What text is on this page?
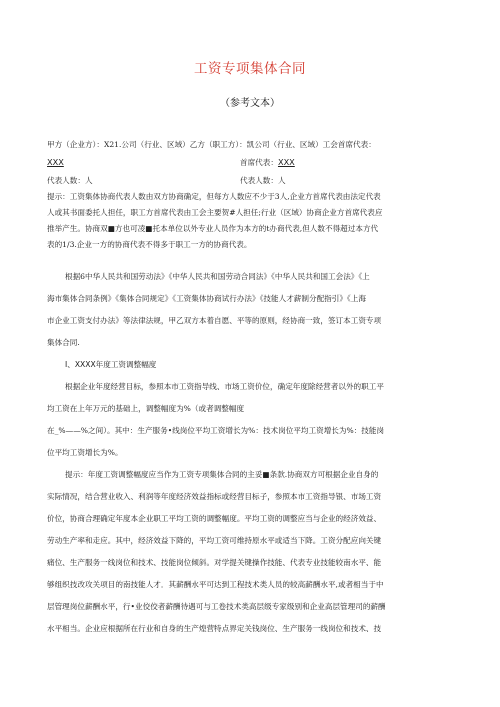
工资专项集体合同
（参考文本）
甲方（企业方）：X21.公司（行业、区域）乙方（职工方）：凯公司（行业、区域）工会首席代表：
XXX	首席代表：XXX
代表人数：人	代表人数：人
提示：工资集体协商代表人数由双方协商确定，但每方人数应不少于3人,企业方首席代表由法定代表
人或其书面委托人担任，职工方首席代表由工会主要贺#人担任;行业（区域）协商企业方首席代表应
推举产生。协商双■方也可凌■托本单位以外专业人员作为本方的t办商代表,但人数不得超过本方代
表的1/3.企业一方的协商代表不得多于职工一方的协商代表。
根据6中华人民共和国劳动法》《中华人民共和国劳动合同法》《中华人民共和国工会法》《上
海市集体合同条例》《集体合同规定》《工资集体协商试行办法》《技能人才薪制分配指引》《上海
市企业工资支付办法》等法律法规，甲乙双方本着自愿、平等的原则，经协商一致，签订本工资专项
集体合同.
I、XXXX年度工资调整幅度
根据企业年度经营目标，参照本市工资指导线、市场工资价位，确定年度除经营者以外的职工平
均工资在上年万元的基础上，调整幅度为%（或者调整幅度
在_%——%之间）。其中：生产服务•线岗位平均工资增长为%：技术岗位平均工资增长为%：技能岗
位平均工资增长为%。
提示：年度工资调整幅度应当作为工资专项集体合同的主妥■条款.协商双方可根据企业自身的
实际情况，结合营业收入、利润等年度经济效益指标或经营目标子，参照本市工资指导银、市场工资
价位，协商合理确定年度本企业职工平均工资的调整幅度。平均工资的调整应当与企业的经济效益、
劳动生产率和走应。其中，经济效益下降的，平均工资可维持原水平或适当下降。工资分配应向关键
痛位、生产服务一线岗位和技术、技能岗位倾斜。对学提关键操作技能、代表专业技能较南水平、能
够组织技改攻关项目的南技能人才．其薪酬水平可达到工程技术类人员的较高薪酬水平,或者相当于中
层管理岗位薪酬水平，行•业佼佼者薪酬待遇可与工卷技术类高层级专家级别和企业高层管理司的薪酬
水平相当。企业应根据所在行业和自身的生产煌营特点界定关钱岗位、生产服务一线岗位和技术、技
